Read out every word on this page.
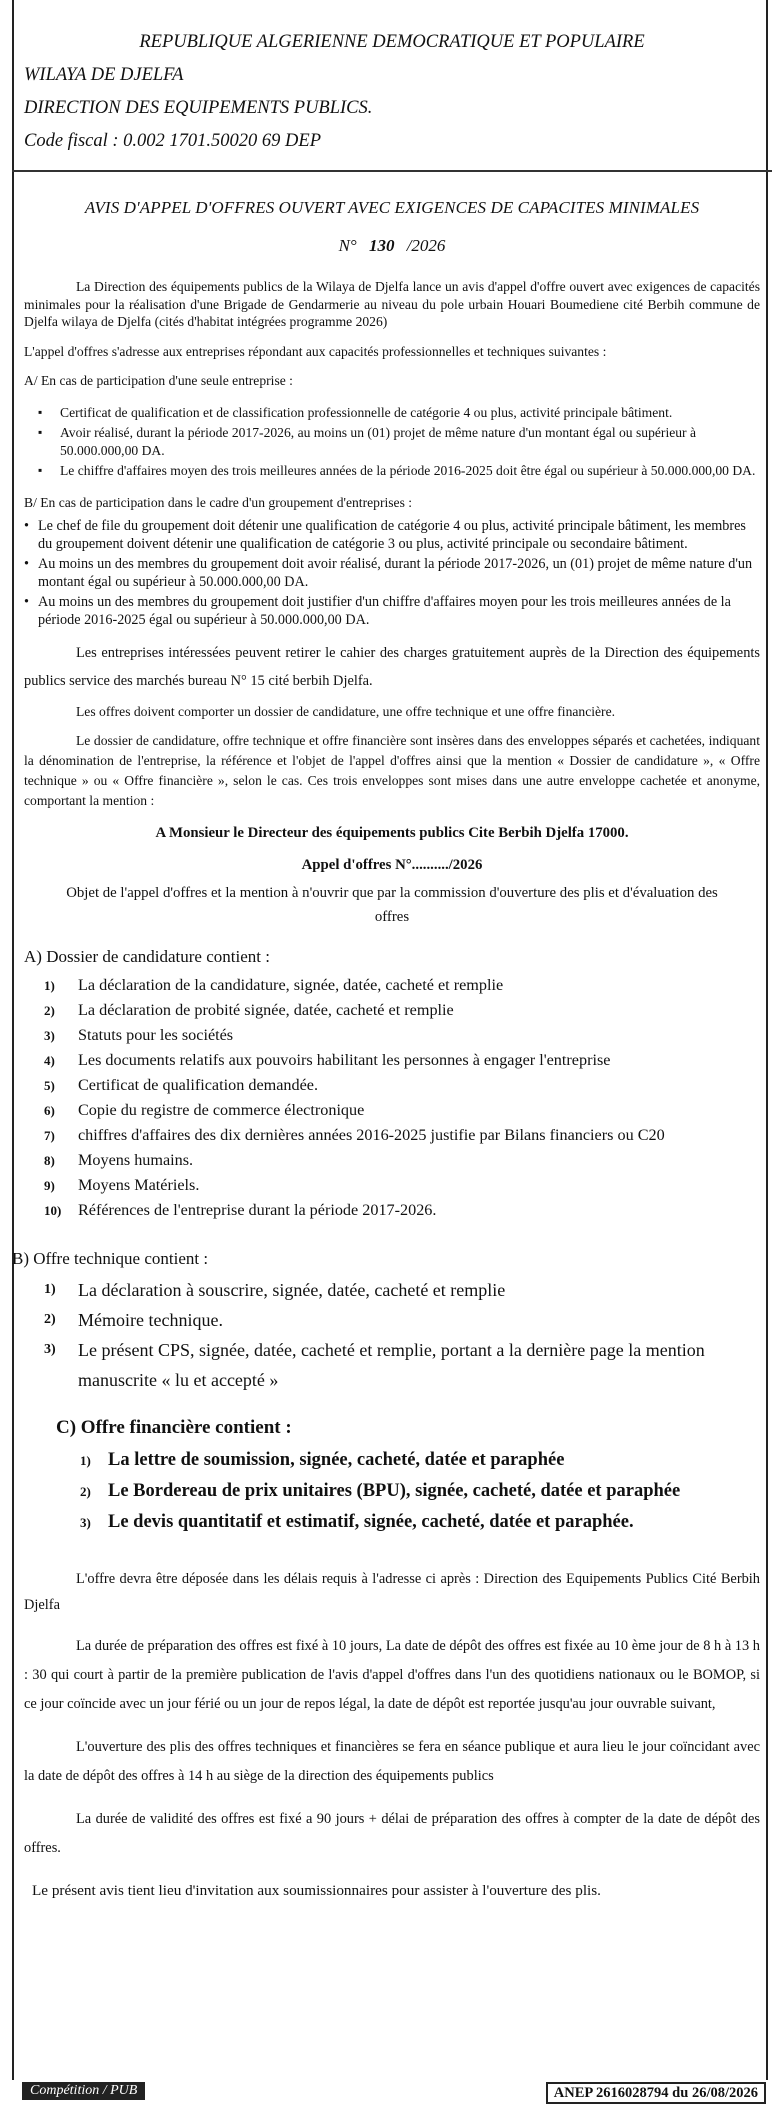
REPUBLIQUE ALGERIENNE DEMOCRATIQUE ET POPULAIRE

WILAYA DE DJELFA

DIRECTION DES EQUIPEMENTS PUBLICS.

Code fiscal : 0.002 1701.50020 69 DEP

AVIS D'APPEL D'OFFRES OUVERT AVEC EXIGENCES DE CAPACITES MINIMALES

N° 130 /2026

La Direction des équipements publics de la Wilaya de Djelfa lance un avis d'appel d'offre ouvert avec exigences de capacités minimales pour la réalisation d'une Brigade de Gendarmerie au niveau du pole urbain Houari Boumediene cité Berbih commune de Djelfa wilaya de Djelfa (cités d'habitat intégrées programme 2026)

L'appel d'offres s'adresse aux entreprises répondant aux capacités professionnelles et techniques suivantes :

A/ En cas de participation d'une seule entreprise :

▪ Certificat de qualification et de classification professionnelle de catégorie 4 ou plus, activité principale bâtiment.
▪ Avoir réalisé, durant la période 2017-2026, au moins un (01) projet de même nature d'un montant égal ou supérieur à 50.000.000,00 DA.
▪ Le chiffre d'affaires moyen des trois meilleures années de la période 2016-2025 doit être égal ou supérieur à 50.000.000,00 DA.

B/ En cas de participation dans le cadre d'un groupement d'entreprises :

• Le chef de file du groupement doit détenir une qualification de catégorie 4 ou plus, activité principale bâtiment, les membres du groupement doivent détenir une qualification de catégorie 3 ou plus, activité principale ou secondaire bâtiment.
• Au moins un des membres du groupement doit avoir réalisé, durant la période 2017-2026, un (01) projet de même nature d'un montant égal ou supérieur à 50.000.000,00 DA.
• Au moins un des membres du groupement doit justifier d'un chiffre d'affaires moyen pour les trois meilleures années de la période 2016-2025 égal ou supérieur à 50.000.000,00 DA.

Les entreprises intéressées peuvent retirer le cahier des charges gratuitement auprès de la Direction des équipements publics service des marchés bureau N° 15 cité berbih Djelfa.

Les offres doivent comporter un dossier de candidature, une offre technique et une offre financière.

Le dossier de candidature, offre technique et offre financière sont insères dans des enveloppes séparés et cachetées, indiquant la dénomination de l'entreprise, la référence et l'objet de l'appel d'offres ainsi que la mention « Dossier de candidature », « Offre technique » ou « Offre financière », selon le cas. Ces trois enveloppes sont mises dans une autre enveloppe cachetée et anonyme, comportant la mention :

A Monsieur le Directeur des équipements publics Cite Berbih Djelfa 17000.

Appel d'offres N°........../2026

Objet de l'appel d'offres et la mention à n'ouvrir que par la commission d'ouverture des plis et d'évaluation des offres

A) Dossier de candidature contient :

1) La déclaration de la candidature, signée, datée, cacheté et remplie
2) La déclaration de probité signée, datée, cacheté et remplie
3) Statuts pour les sociétés
4) Les documents relatifs aux pouvoirs habilitant les personnes à engager l'entreprise
5) Certificat de qualification demandée.
6) Copie du registre de commerce électronique
7) chiffres d'affaires des dix dernières années 2016-2025 justifie par Bilans financiers ou C20
8) Moyens humains.
9) Moyens Matériels.
10) Références de l'entreprise durant la période 2017-2026.

B) Offre technique contient :

1) La déclaration à souscrire, signée, datée, cacheté et remplie
2) Mémoire technique.
3) Le présent CPS, signée, datée, cacheté et remplie, portant a la dernière page la mention manuscrite « lu et accepté »

C) Offre financière contient :

1) La lettre de soumission, signée, cacheté, datée et paraphée
2) Le Bordereau de prix unitaires (BPU), signée, cacheté, datée et paraphée
3) Le devis quantitatif et estimatif, signée, cacheté, datée et paraphée.

L'offre devra être déposée dans les délais requis à l'adresse ci après : Direction des Equipements Publics Cité Berbih Djelfa

La durée de préparation des offres est fixé à 10 jours, La date de dépôt des offres est fixée au 10 ème jour de 8 h à 13 h : 30 qui court à partir de la première publication de l'avis d'appel d'offres dans l'un des quotidiens nationaux ou le BOMOP, si ce jour coïncide avec un jour férié ou un jour de repos légal, la date de dépôt est reportée jusqu'au jour ouvrable suivant,

L'ouverture des plis des offres techniques et financières se fera en séance publique et aura lieu le jour coïncidant avec la date de dépôt des offres à 14 h au siège de la direction des équipements publics

La durée de validité des offres est fixé a 90 jours + délai de préparation des offres à compter de la date de dépôt des offres.

Le présent avis tient lieu d'invitation aux soumissionnaires pour assister à l'ouverture des plis.

Compétition / PUB	ANEP 2616028794 du 26/08/2026
